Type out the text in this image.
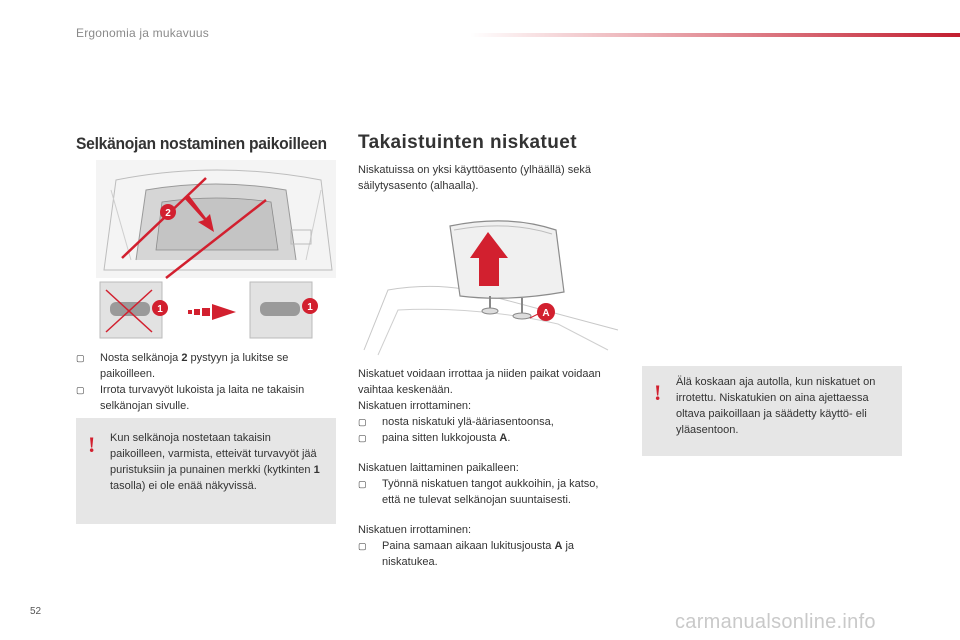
Ergonomia ja mukavuus
Selkänojan nostaminen paikoilleen
2
1	1
▢ Nosta selkänoja 2 pystyyn ja lukitse se paikoilleen.
▢ Irrota turvavyöt lukoista ja laita ne takaisin selkänojan sivulle.
! Kun selkänoja nostetaan takaisin paikoilleen, varmista, etteivät turvavyöt jää puristuksiin ja punainen merkki (kytkinten 1 tasolla) ei ole enää näkyvissä.
Takaistuinten niskatuet
Niskatuissa on yksi käyttöasento (ylhäällä) sekä säilytysasento (alhaalla).
A
Niskatuet voidaan irrottaa ja niiden paikat voidaan vaihtaa keskenään.
Niskatuen irrottaminen:
▢ nosta niskatuki ylä-ääriasentoonsa,
▢ paina sitten lukkojousta A.
Niskatuen laittaminen paikalleen:
▢ Työnnä niskatuen tangot aukkoihin, ja katso, että ne tulevat selkänojan suuntaisesti.
Niskatuen irrottaminen:
▢ Paina samaan aikaan lukitusjousta A ja niskatukea.
! Älä koskaan aja autolla, kun niskatuet on irrotettu. Niskatukien on aina ajettaessa oltava paikoillaan ja säädetty käyttö- eli yläasentoon.
52	carmanualsonline.info
